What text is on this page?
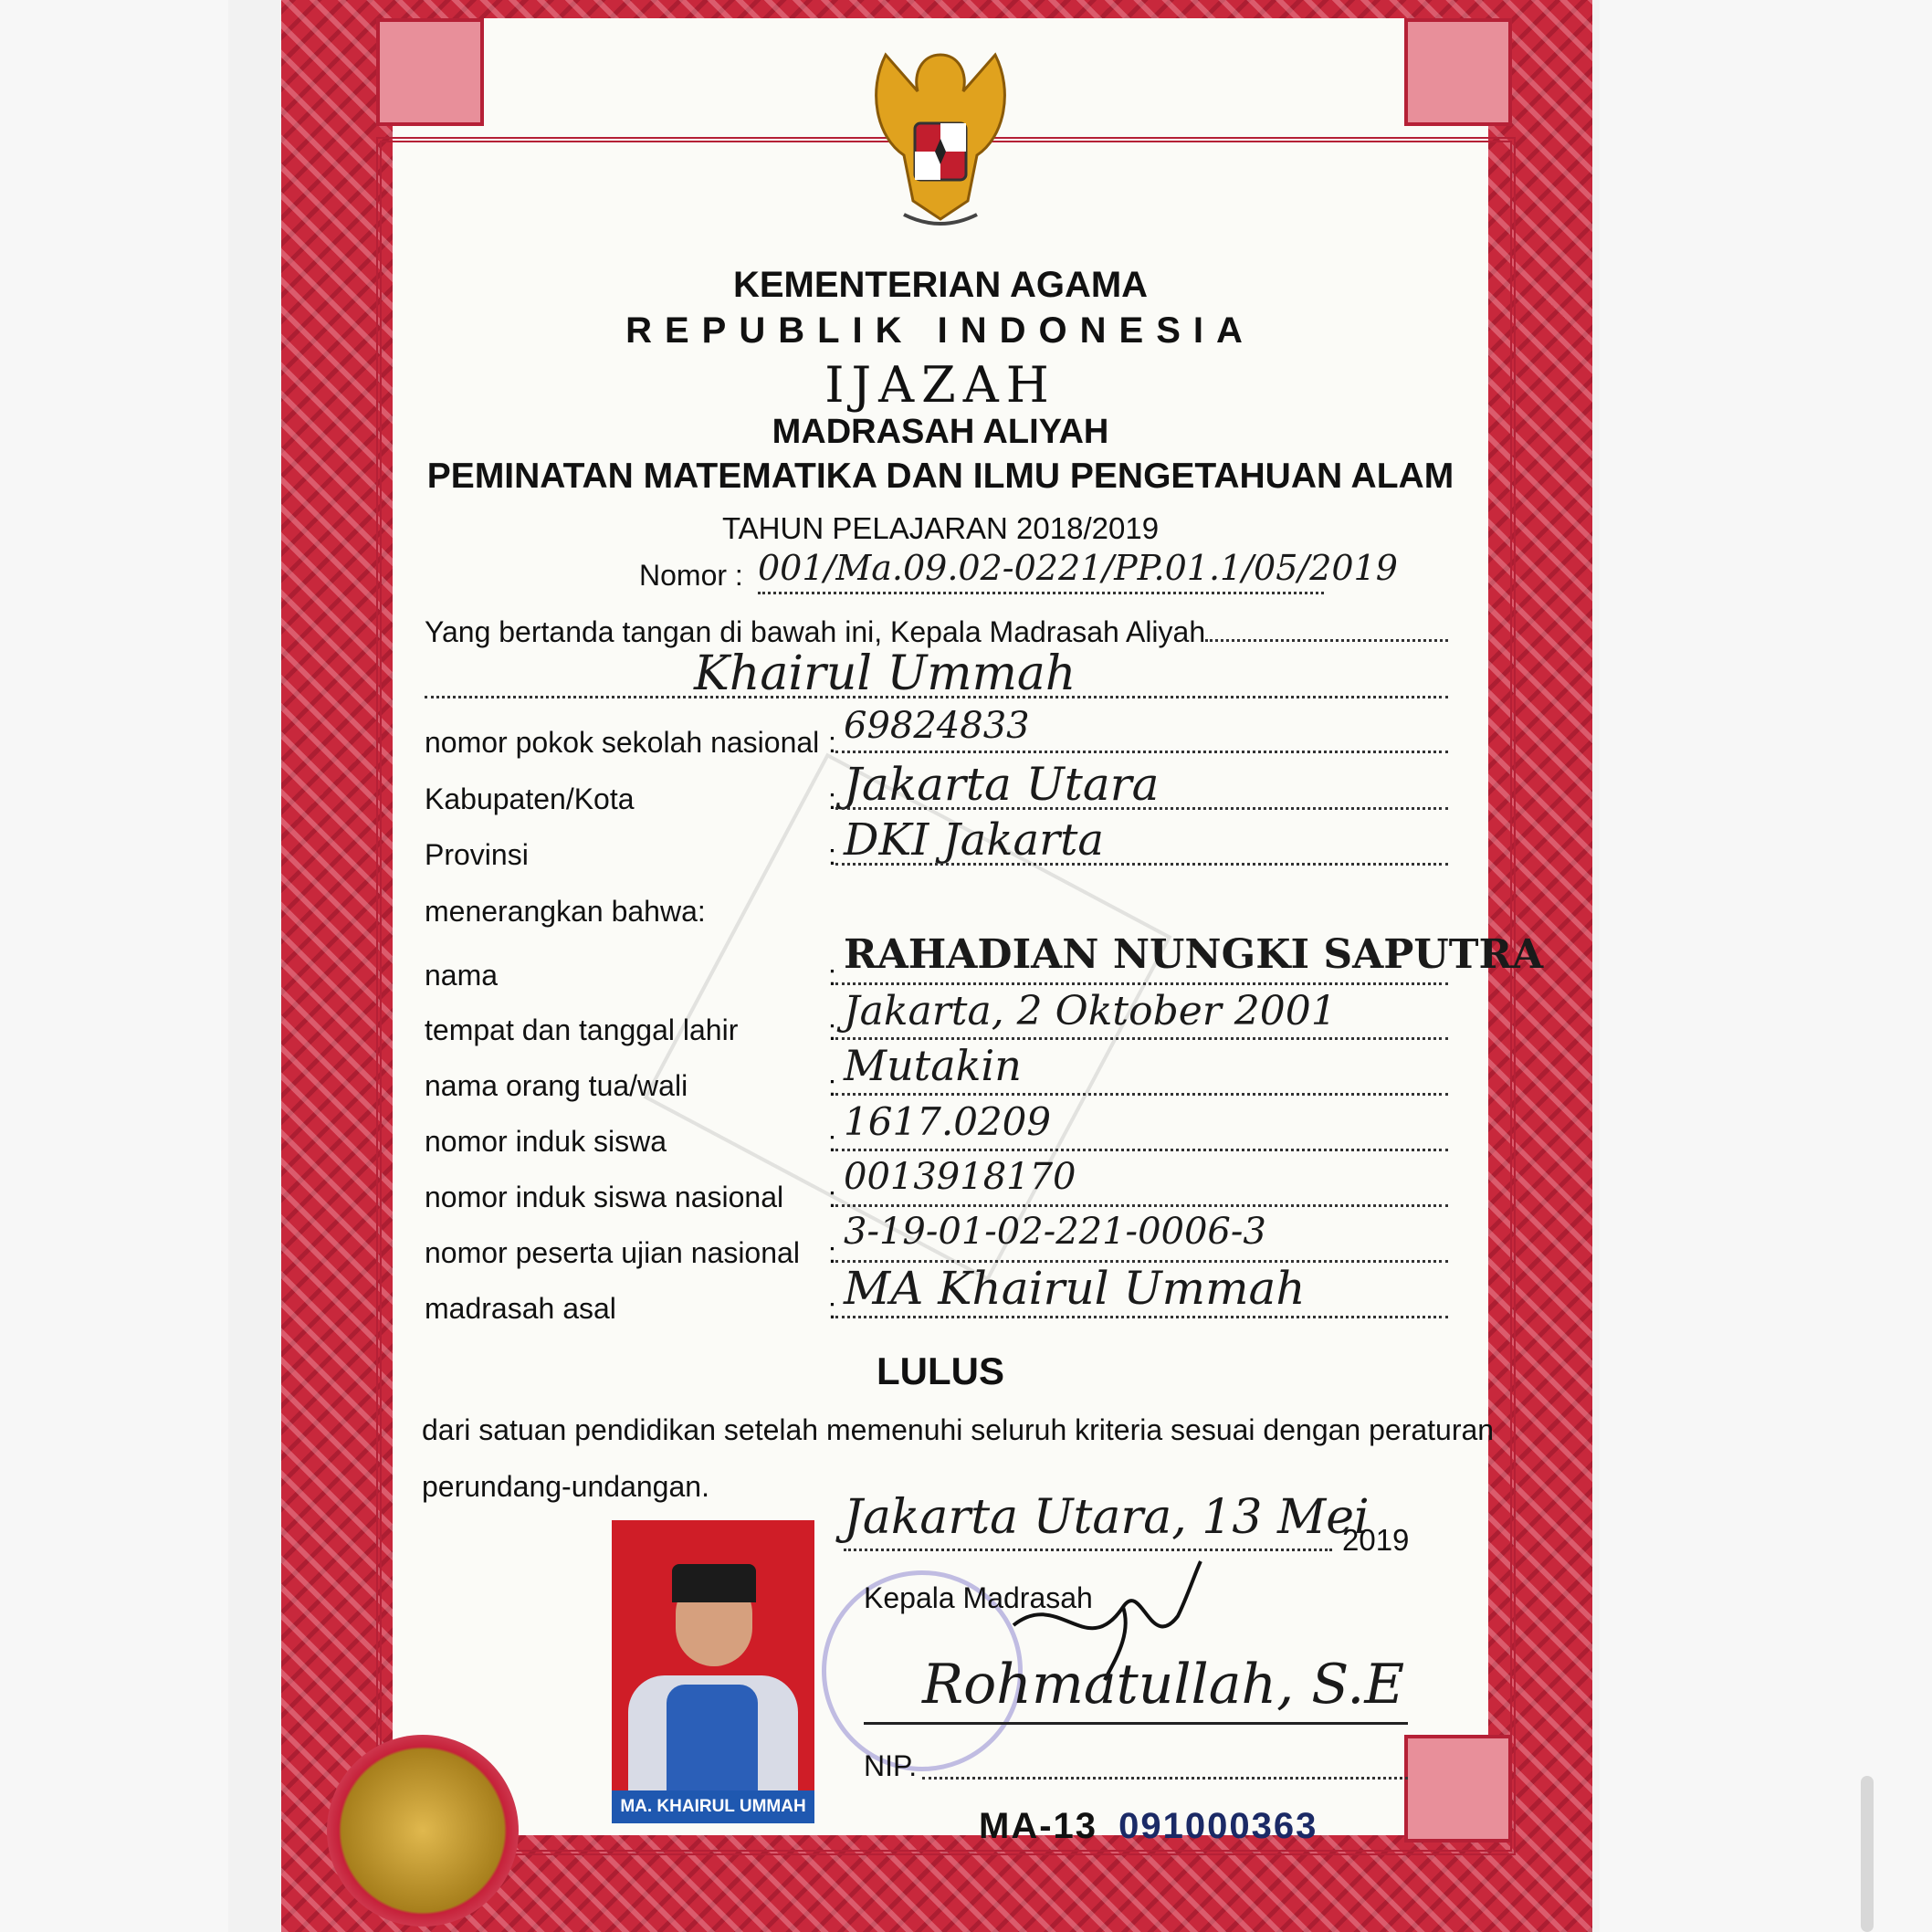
KEMENTERIAN AGAMA
REPUBLIK INDONESIA
IJAZAH
MADRASAH ALIYAH
PEMINATAN MATEMATIKA DAN ILMU PENGETAHUAN ALAM
TAHUN PELAJARAN 2018/2019
Nomor : 001/Ma.09.02-0221/PP.01.1/05/2019
Yang bertanda tangan di bawah ini, Kepala Madrasah Aliyah
Khairul Ummah
nomor pokok sekolah nasional : 69824833
Kabupaten/Kota	: Jakarta Utara
Provinsi	: DKI Jakarta
menerangkan bahwa:
nama	: RAHADIAN NUNGKI SAPUTRA
tempat dan tanggal lahir	: Jakarta, 2 Oktober 2001
nama orang tua/wali	: Mutakin
nomor induk siswa	: 1617.0209
nomor induk siswa nasional : 0013918170
nomor peserta ujian nasional : 3-19-01-02-221-0006-3
madrasah asal	: MA Khairul Ummah
LULUS
dari satuan pendidikan setelah memenuhi seluruh kriteria sesuai dengan peraturan
perundang-undangan.
Jakarta Utara, 13 Mei
2019
Kepala Madrasah
Rohmatullah, S.E
NIP.
MA. KHAIRUL UMMAH	MA-13 091000363
